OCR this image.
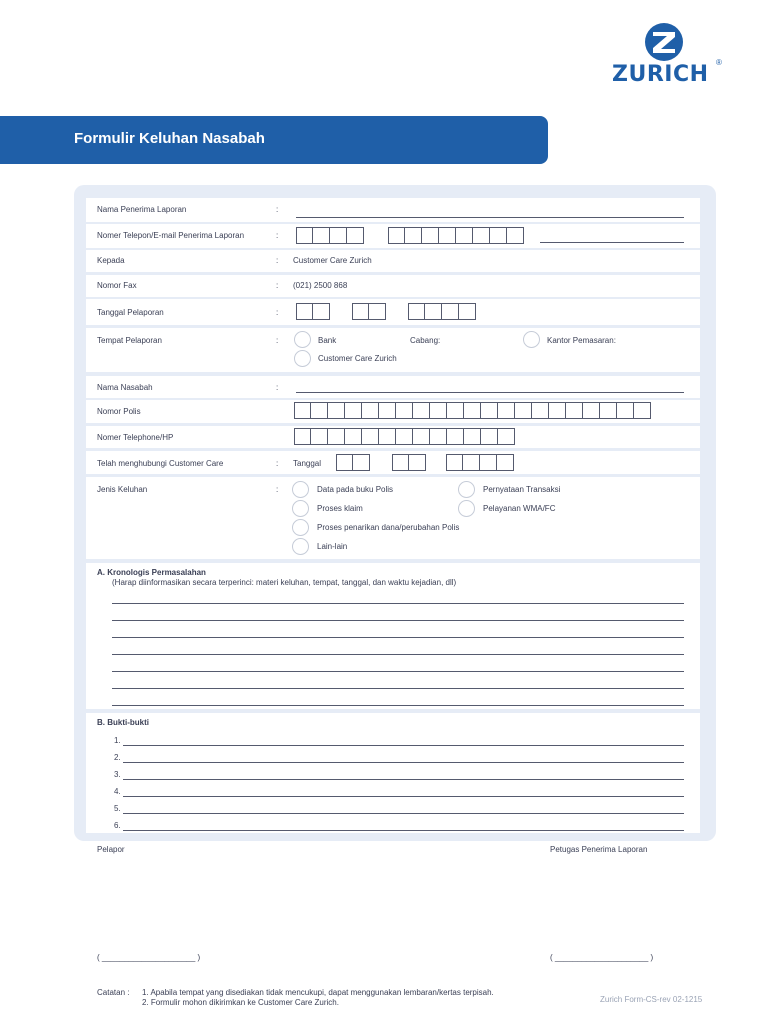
ZURICH ®
Formulir Keluhan Nasabah
Nama Penerima Laporan	:
Nomer Telepon/E-mail Penerima Laporan	:
Kepada	: Customer Care Zurich
Nomor Fax	: (021) 2500 868
Tanggal Pelaporan	:
Tempat Pelaporan	:	Bank	Cabang:	Kantor Pemasaran:
Customer Care Zurich
Nama Nasabah	:
Nomor Polis
Nomer Telephone/HP
Telah menghubungi Customer Care	: Tanggal
Jenis Keluhan	:	Data pada buku Polis	Pernyataan Transaksi
Proses klaim	Pelayanan WMA/FC
Proses penarikan dana/perubahan Polis
Lain-lain
A. Kronologis Permasalahan
(Harap diinformasikan secara terperinci: materi keluhan, tempat, tanggal, dan waktu kejadian, dll)
B. Bukti-bukti
1.
2.
3.
4.
5.
6.
Pelapor	Petugas Penerima Laporan
( _____________________ )	( _____________________ )
Catatan : 1. Apabila tempat yang disediakan tidak mencukupi, dapat menggunakan lembaran/kertas terpisah.
2. Formulir mohon dikirimkan ke Customer Care Zurich.	Zurich Form-CS-rev 02-1215
